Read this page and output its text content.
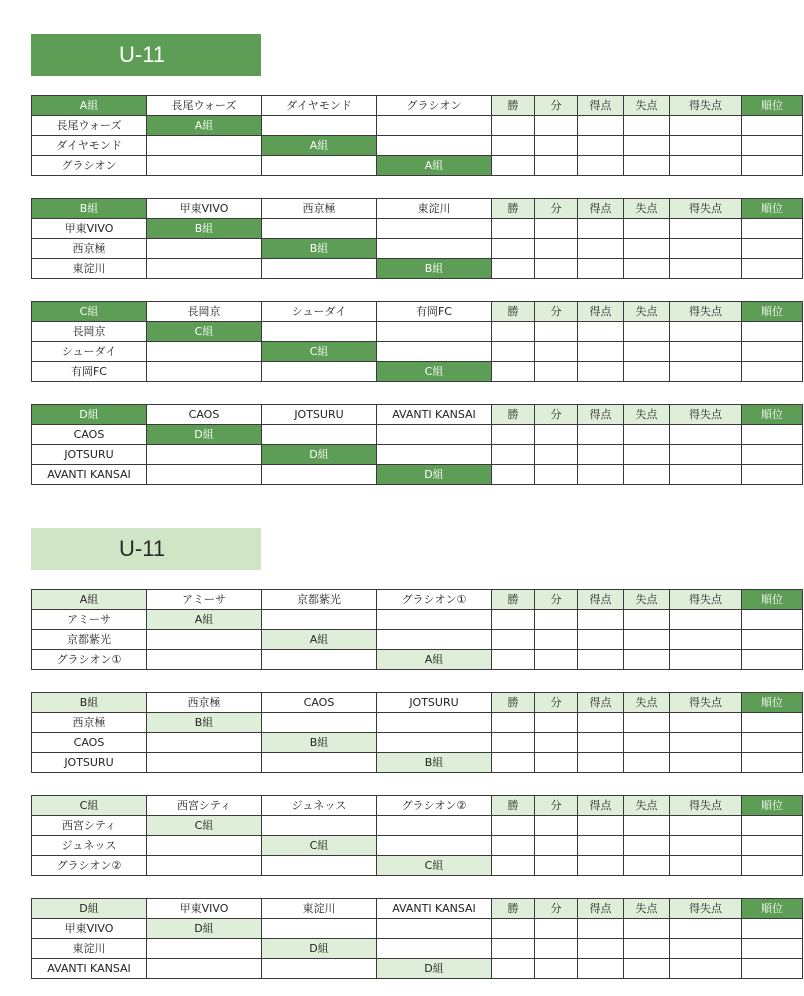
U-11
A組	長尾ウォーズ	ダイヤモンド	グラシオン	勝	分	得点	失点	得失点	順位
長尾ウォーズ	A組								
ダイヤモンド		A組							
グラシオン			A組						
B組	甲東VIVO	西京極	東淀川	勝	分	得点	失点	得失点	順位
甲東VIVO	B組								
西京極		B組							
東淀川			B組						
C組	長岡京	シューダイ	有岡FC	勝	分	得点	失点	得失点	順位
長岡京	C組								
シューダイ		C組							
有岡FC			C組						
D組	CAOS	JOTSURU	AVANTI KANSAI	勝	分	得点	失点	得失点	順位
CAOS	D組								
JOTSURU		D組							
AVANTI KANSAI			D組						
U-11
A組	アミーサ	京都紫光	グラシオン①	勝	分	得点	失点	得失点	順位
アミーサ	A組								
京都紫光		A組							
グラシオン①			A組						
B組	西京極	CAOS	JOTSURU	勝	分	得点	失点	得失点	順位
西京極	B組								
CAOS		B組							
JOTSURU			B組						
C組	西宮シティ	ジュネッス	グラシオン②	勝	分	得点	失点	得失点	順位
西宮シティ	C組								
ジュネッス		C組							
グラシオン②			C組						
D組	甲東VIVO	東淀川	AVANTI KANSAI	勝	分	得点	失点	得失点	順位
甲東VIVO	D組								
東淀川		D組							
AVANTI KANSAI			D組						
